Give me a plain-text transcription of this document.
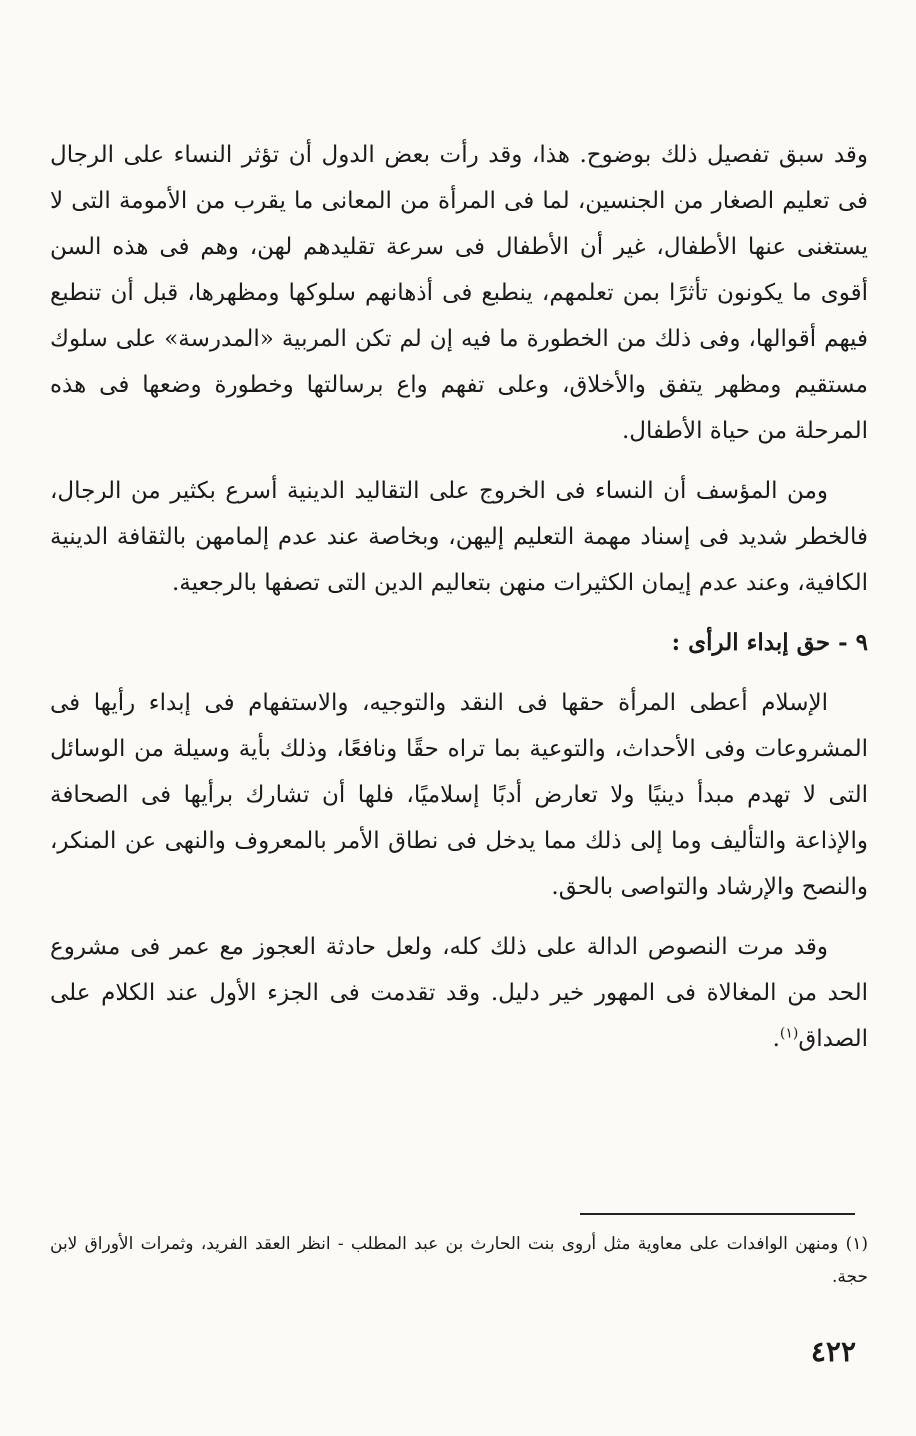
وقد سبق تفصيل ذلك بوضوح. هذا، وقد رأت بعض الدول أن تؤثر النساء على الرجال فى تعليم الصغار من الجنسين، لما فى المرأة من المعانى ما يقرب من الأمومة التى لا يستغنى عنها الأطفال، غير أن الأطفال فى سرعة تقليدهم لهن، وهم فى هذه السن أقوى ما يكونون تأثرًا بمن تعلمهم، ينطبع فى أذهانهم سلوكها ومظهرها، قبل أن تنطبع فيهم أقوالها، وفى ذلك من الخطورة ما فيه إن لم تكن المربية «المدرسة» على سلوك مستقيم ومظهر يتفق والأخلاق، وعلى تفهم واع برسالتها وخطورة وضعها فى هذه المرحلة من حياة الأطفال.

ومن المؤسف أن النساء فى الخروج على التقاليد الدينية أسرع بكثير من الرجال، فالخطر شديد فى إسناد مهمة التعليم إليهن، وبخاصة عند عدم إلمامهن بالثقافة الدينية الكافية، وعند عدم إيمان الكثيرات منهن بتعاليم الدين التى تصفها بالرجعية.

٩ - حق إبداء الرأى :

الإسلام أعطى المرأة حقها فى النقد والتوجيه، والاستفهام فى إبداء رأيها فى المشروعات وفى الأحداث، والتوعية بما تراه حقًا ونافعًا، وذلك بأية وسيلة من الوسائل التى لا تهدم مبدأ دينيًا ولا تعارض أدبًا إسلاميًا، فلها أن تشارك برأيها فى الصحافة والإذاعة والتأليف وما إلى ذلك مما يدخل فى نطاق الأمر بالمعروف والنهى عن المنكر، والنصح والإرشاد والتواصى بالحق.

وقد مرت النصوص الدالة على ذلك كله، ولعل حادثة العجوز مع عمر فى مشروع الحد من المغالاة فى المهور خير دليل. وقد تقدمت فى الجزء الأول عند الكلام على الصداق$^{(١)}$.

(١) ومنهن الوافدات على معاوية مثل أروى بنت الحارث بن عبد المطلب - انظر العقد الفريد، وثمرات الأوراق لابن حجة.

٤٢٢
